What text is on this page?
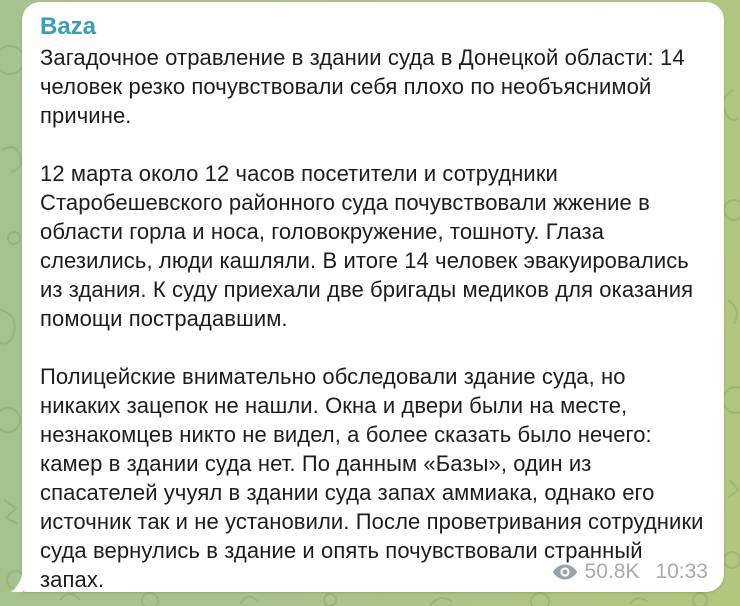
Baza

Загадочное отравление в здании суда в Донецкой области: 14 человек резко почувствовали себя плохо по необъяснимой причине.

12 марта около 12 часов посетители и сотрудники Старобешевского районного суда почувствовали жжение в области горла и носа, головокружение, тошноту. Глаза слезились, люди кашляли. В итоге 14 человек эвакуировались из здания. К суду приехали две бригады медиков для оказания помощи пострадавшим.

Полицейские внимательно обследовали здание суда, но никаких зацепок не нашли. Окна и двери были на месте, незнакомцев никто не видел, а более сказать было нечего: камер в здании суда нет. По данным «Базы», один из спасателей учуял в здании суда запах аммиака, однако его источник так и не установили. После проветривания сотрудники суда вернулись в здание и опять почувствовали странный запах.	50.8K 10:33
